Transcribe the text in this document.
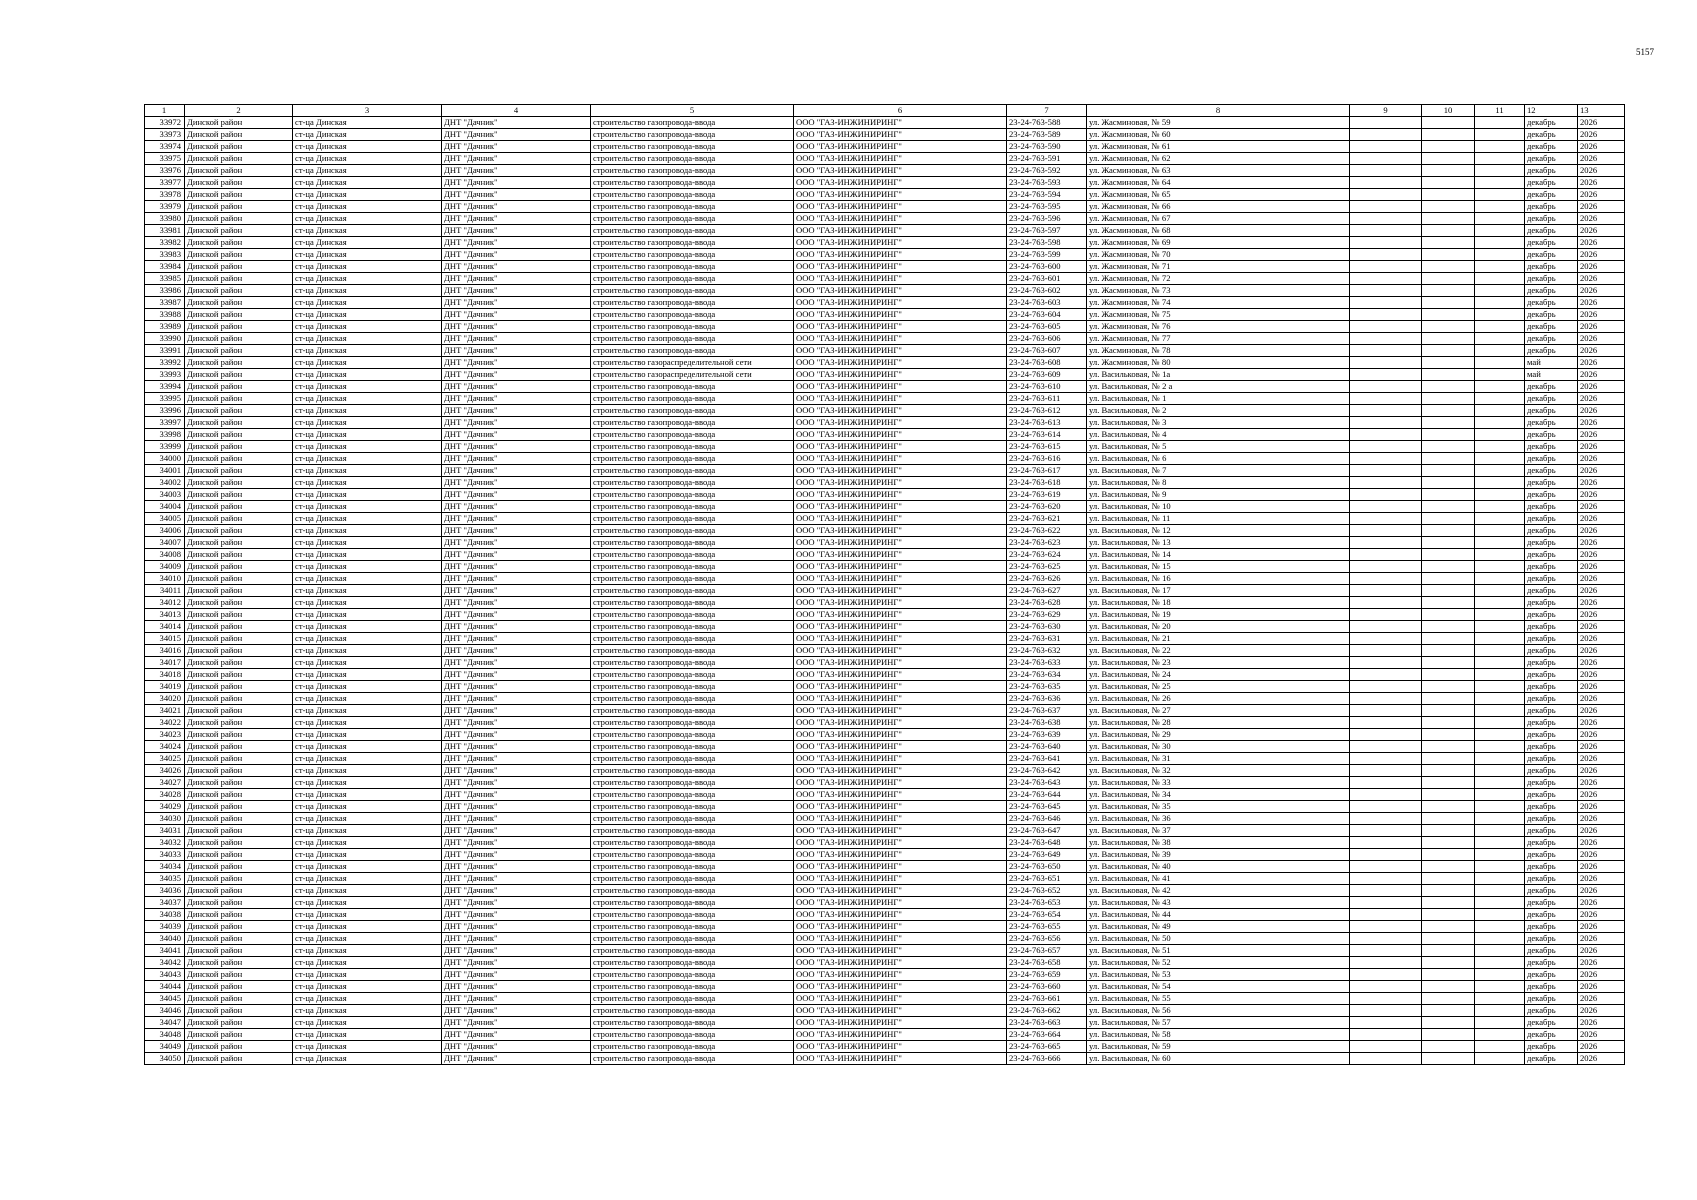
5157
1	2	3	4	5	6	7	8	9	10	11	12	13
33972	Динской район	ст-ца Динская	ДНТ "Дачник"	строительство газопровода-ввода	ООО "ГАЗ-ИНЖИНИРИНГ"	23-24-763-588	ул. Жасминовая, № 59				декабрь	2026
33973	Динской район	ст-ца Динская	ДНТ "Дачник"	строительство газопровода-ввода	ООО "ГАЗ-ИНЖИНИРИНГ"	23-24-763-589	ул. Жасминовая, № 60				декабрь	2026
33974	Динской район	ст-ца Динская	ДНТ "Дачник"	строительство газопровода-ввода	ООО "ГАЗ-ИНЖИНИРИНГ"	23-24-763-590	ул. Жасминовая, № 61				декабрь	2026
33975	Динской район	ст-ца Динская	ДНТ "Дачник"	строительство газопровода-ввода	ООО "ГАЗ-ИНЖИНИРИНГ"	23-24-763-591	ул. Жасминовая, № 62				декабрь	2026
33976	Динской район	ст-ца Динская	ДНТ "Дачник"	строительство газопровода-ввода	ООО "ГАЗ-ИНЖИНИРИНГ"	23-24-763-592	ул. Жасминовая, № 63				декабрь	2026
33977	Динской район	ст-ца Динская	ДНТ "Дачник"	строительство газопровода-ввода	ООО "ГАЗ-ИНЖИНИРИНГ"	23-24-763-593	ул. Жасминовая, № 64				декабрь	2026
33978	Динской район	ст-ца Динская	ДНТ "Дачник"	строительство газопровода-ввода	ООО "ГАЗ-ИНЖИНИРИНГ"	23-24-763-594	ул. Жасминовая, № 65				декабрь	2026
33979	Динской район	ст-ца Динская	ДНТ "Дачник"	строительство газопровода-ввода	ООО "ГАЗ-ИНЖИНИРИНГ"	23-24-763-595	ул. Жасминовая, № 66				декабрь	2026
33980	Динской район	ст-ца Динская	ДНТ "Дачник"	строительство газопровода-ввода	ООО "ГАЗ-ИНЖИНИРИНГ"	23-24-763-596	ул. Жасминовая, № 67				декабрь	2026
33981	Динской район	ст-ца Динская	ДНТ "Дачник"	строительство газопровода-ввода	ООО "ГАЗ-ИНЖИНИРИНГ"	23-24-763-597	ул. Жасминовая, № 68				декабрь	2026
33982	Динской район	ст-ца Динская	ДНТ "Дачник"	строительство газопровода-ввода	ООО "ГАЗ-ИНЖИНИРИНГ"	23-24-763-598	ул. Жасминовая, № 69				декабрь	2026
33983	Динской район	ст-ца Динская	ДНТ "Дачник"	строительство газопровода-ввода	ООО "ГАЗ-ИНЖИНИРИНГ"	23-24-763-599	ул. Жасминовая, № 70				декабрь	2026
33984	Динской район	ст-ца Динская	ДНТ "Дачник"	строительство газопровода-ввода	ООО "ГАЗ-ИНЖИНИРИНГ"	23-24-763-600	ул. Жасминовая, № 71				декабрь	2026
33985	Динской район	ст-ца Динская	ДНТ "Дачник"	строительство газопровода-ввода	ООО "ГАЗ-ИНЖИНИРИНГ"	23-24-763-601	ул. Жасминовая, № 72				декабрь	2026
33986	Динской район	ст-ца Динская	ДНТ "Дачник"	строительство газопровода-ввода	ООО "ГАЗ-ИНЖИНИРИНГ"	23-24-763-602	ул. Жасминовая, № 73				декабрь	2026
33987	Динской район	ст-ца Динская	ДНТ "Дачник"	строительство газопровода-ввода	ООО "ГАЗ-ИНЖИНИРИНГ"	23-24-763-603	ул. Жасминовая, № 74				декабрь	2026
33988	Динской район	ст-ца Динская	ДНТ "Дачник"	строительство газопровода-ввода	ООО "ГАЗ-ИНЖИНИРИНГ"	23-24-763-604	ул. Жасминовая, № 75				декабрь	2026
33989	Динской район	ст-ца Динская	ДНТ "Дачник"	строительство газопровода-ввода	ООО "ГАЗ-ИНЖИНИРИНГ"	23-24-763-605	ул. Жасминовая, № 76				декабрь	2026
33990	Динской район	ст-ца Динская	ДНТ "Дачник"	строительство газопровода-ввода	ООО "ГАЗ-ИНЖИНИРИНГ"	23-24-763-606	ул. Жасминовая, № 77				декабрь	2026
33991	Динской район	ст-ца Динская	ДНТ "Дачник"	строительство газопровода-ввода	ООО "ГАЗ-ИНЖИНИРИНГ"	23-24-763-607	ул. Жасминовая, № 78				декабрь	2026
33992	Динской район	ст-ца Динская	ДНТ "Дачник"	строительство газораспределительной сети	ООО "ГАЗ-ИНЖИНИРИНГ"	23-24-763-608	ул. Жасминовая, № 80				май	2026
33993	Динской район	ст-ца Динская	ДНТ "Дачник"	строительство газораспределительной сети	ООО "ГАЗ-ИНЖИНИРИНГ"	23-24-763-609	ул. Васильковая, № 1а				май	2026
33994	Динской район	ст-ца Динская	ДНТ "Дачник"	строительство газопровода-ввода	ООО "ГАЗ-ИНЖИНИРИНГ"	23-24-763-610	ул. Васильковая, № 2 а				декабрь	2026
33995	Динской район	ст-ца Динская	ДНТ "Дачник"	строительство газопровода-ввода	ООО "ГАЗ-ИНЖИНИРИНГ"	23-24-763-611	ул. Васильковая, № 1				декабрь	2026
33996	Динской район	ст-ца Динская	ДНТ "Дачник"	строительство газопровода-ввода	ООО "ГАЗ-ИНЖИНИРИНГ"	23-24-763-612	ул. Васильковая, № 2				декабрь	2026
33997	Динской район	ст-ца Динская	ДНТ "Дачник"	строительство газопровода-ввода	ООО "ГАЗ-ИНЖИНИРИНГ"	23-24-763-613	ул. Васильковая, № 3				декабрь	2026
33998	Динской район	ст-ца Динская	ДНТ "Дачник"	строительство газопровода-ввода	ООО "ГАЗ-ИНЖИНИРИНГ"	23-24-763-614	ул. Васильковая, № 4				декабрь	2026
33999	Динской район	ст-ца Динская	ДНТ "Дачник"	строительство газопровода-ввода	ООО "ГАЗ-ИНЖИНИРИНГ"	23-24-763-615	ул. Васильковая, № 5				декабрь	2026
34000	Динской район	ст-ца Динская	ДНТ "Дачник"	строительство газопровода-ввода	ООО "ГАЗ-ИНЖИНИРИНГ"	23-24-763-616	ул. Васильковая, № 6				декабрь	2026
34001	Динской район	ст-ца Динская	ДНТ "Дачник"	строительство газопровода-ввода	ООО "ГАЗ-ИНЖИНИРИНГ"	23-24-763-617	ул. Васильковая, № 7				декабрь	2026
34002	Динской район	ст-ца Динская	ДНТ "Дачник"	строительство газопровода-ввода	ООО "ГАЗ-ИНЖИНИРИНГ"	23-24-763-618	ул. Васильковая, № 8				декабрь	2026
34003	Динской район	ст-ца Динская	ДНТ "Дачник"	строительство газопровода-ввода	ООО "ГАЗ-ИНЖИНИРИНГ"	23-24-763-619	ул. Васильковая, № 9				декабрь	2026
34004	Динской район	ст-ца Динская	ДНТ "Дачник"	строительство газопровода-ввода	ООО "ГАЗ-ИНЖИНИРИНГ"	23-24-763-620	ул. Васильковая, № 10				декабрь	2026
34005	Динской район	ст-ца Динская	ДНТ "Дачник"	строительство газопровода-ввода	ООО "ГАЗ-ИНЖИНИРИНГ"	23-24-763-621	ул. Васильковая, № 11				декабрь	2026
34006	Динской район	ст-ца Динская	ДНТ "Дачник"	строительство газопровода-ввода	ООО "ГАЗ-ИНЖИНИРИНГ"	23-24-763-622	ул. Васильковая, № 12				декабрь	2026
34007	Динской район	ст-ца Динская	ДНТ "Дачник"	строительство газопровода-ввода	ООО "ГАЗ-ИНЖИНИРИНГ"	23-24-763-623	ул. Васильковая, № 13				декабрь	2026
34008	Динской район	ст-ца Динская	ДНТ "Дачник"	строительство газопровода-ввода	ООО "ГАЗ-ИНЖИНИРИНГ"	23-24-763-624	ул. Васильковая, № 14				декабрь	2026
34009	Динской район	ст-ца Динская	ДНТ "Дачник"	строительство газопровода-ввода	ООО "ГАЗ-ИНЖИНИРИНГ"	23-24-763-625	ул. Васильковая, № 15				декабрь	2026
34010	Динской район	ст-ца Динская	ДНТ "Дачник"	строительство газопровода-ввода	ООО "ГАЗ-ИНЖИНИРИНГ"	23-24-763-626	ул. Васильковая, № 16				декабрь	2026
34011	Динской район	ст-ца Динская	ДНТ "Дачник"	строительство газопровода-ввода	ООО "ГАЗ-ИНЖИНИРИНГ"	23-24-763-627	ул. Васильковая, № 17				декабрь	2026
34012	Динской район	ст-ца Динская	ДНТ "Дачник"	строительство газопровода-ввода	ООО "ГАЗ-ИНЖИНИРИНГ"	23-24-763-628	ул. Васильковая, № 18				декабрь	2026
34013	Динской район	ст-ца Динская	ДНТ "Дачник"	строительство газопровода-ввода	ООО "ГАЗ-ИНЖИНИРИНГ"	23-24-763-629	ул. Васильковая, № 19				декабрь	2026
34014	Динской район	ст-ца Динская	ДНТ "Дачник"	строительство газопровода-ввода	ООО "ГАЗ-ИНЖИНИРИНГ"	23-24-763-630	ул. Васильковая, № 20				декабрь	2026
34015	Динской район	ст-ца Динская	ДНТ "Дачник"	строительство газопровода-ввода	ООО "ГАЗ-ИНЖИНИРИНГ"	23-24-763-631	ул. Васильковая, № 21				декабрь	2026
34016	Динской район	ст-ца Динская	ДНТ "Дачник"	строительство газопровода-ввода	ООО "ГАЗ-ИНЖИНИРИНГ"	23-24-763-632	ул. Васильковая, № 22				декабрь	2026
34017	Динской район	ст-ца Динская	ДНТ "Дачник"	строительство газопровода-ввода	ООО "ГАЗ-ИНЖИНИРИНГ"	23-24-763-633	ул. Васильковая, № 23				декабрь	2026
34018	Динской район	ст-ца Динская	ДНТ "Дачник"	строительство газопровода-ввода	ООО "ГАЗ-ИНЖИНИРИНГ"	23-24-763-634	ул. Васильковая, № 24				декабрь	2026
34019	Динской район	ст-ца Динская	ДНТ "Дачник"	строительство газопровода-ввода	ООО "ГАЗ-ИНЖИНИРИНГ"	23-24-763-635	ул. Васильковая, № 25				декабрь	2026
34020	Динской район	ст-ца Динская	ДНТ "Дачник"	строительство газопровода-ввода	ООО "ГАЗ-ИНЖИНИРИНГ"	23-24-763-636	ул. Васильковая, № 26				декабрь	2026
34021	Динской район	ст-ца Динская	ДНТ "Дачник"	строительство газопровода-ввода	ООО "ГАЗ-ИНЖИНИРИНГ"	23-24-763-637	ул. Васильковая, № 27				декабрь	2026
34022	Динской район	ст-ца Динская	ДНТ "Дачник"	строительство газопровода-ввода	ООО "ГАЗ-ИНЖИНИРИНГ"	23-24-763-638	ул. Васильковая, № 28				декабрь	2026
34023	Динской район	ст-ца Динская	ДНТ "Дачник"	строительство газопровода-ввода	ООО "ГАЗ-ИНЖИНИРИНГ"	23-24-763-639	ул. Васильковая, № 29				декабрь	2026
34024	Динской район	ст-ца Динская	ДНТ "Дачник"	строительство газопровода-ввода	ООО "ГАЗ-ИНЖИНИРИНГ"	23-24-763-640	ул. Васильковая, № 30				декабрь	2026
34025	Динской район	ст-ца Динская	ДНТ "Дачник"	строительство газопровода-ввода	ООО "ГАЗ-ИНЖИНИРИНГ"	23-24-763-641	ул. Васильковая, № 31				декабрь	2026
34026	Динской район	ст-ца Динская	ДНТ "Дачник"	строительство газопровода-ввода	ООО "ГАЗ-ИНЖИНИРИНГ"	23-24-763-642	ул. Васильковая, № 32				декабрь	2026
34027	Динской район	ст-ца Динская	ДНТ "Дачник"	строительство газопровода-ввода	ООО "ГАЗ-ИНЖИНИРИНГ"	23-24-763-643	ул. Васильковая, № 33				декабрь	2026
34028	Динской район	ст-ца Динская	ДНТ "Дачник"	строительство газопровода-ввода	ООО "ГАЗ-ИНЖИНИРИНГ"	23-24-763-644	ул. Васильковая, № 34				декабрь	2026
34029	Динской район	ст-ца Динская	ДНТ "Дачник"	строительство газопровода-ввода	ООО "ГАЗ-ИНЖИНИРИНГ"	23-24-763-645	ул. Васильковая, № 35				декабрь	2026
34030	Динской район	ст-ца Динская	ДНТ "Дачник"	строительство газопровода-ввода	ООО "ГАЗ-ИНЖИНИРИНГ"	23-24-763-646	ул. Васильковая, № 36				декабрь	2026
34031	Динской район	ст-ца Динская	ДНТ "Дачник"	строительство газопровода-ввода	ООО "ГАЗ-ИНЖИНИРИНГ"	23-24-763-647	ул. Васильковая, № 37				декабрь	2026
34032	Динской район	ст-ца Динская	ДНТ "Дачник"	строительство газопровода-ввода	ООО "ГАЗ-ИНЖИНИРИНГ"	23-24-763-648	ул. Васильковая, № 38				декабрь	2026
34033	Динской район	ст-ца Динская	ДНТ "Дачник"	строительство газопровода-ввода	ООО "ГАЗ-ИНЖИНИРИНГ"	23-24-763-649	ул. Васильковая, № 39				декабрь	2026
34034	Динской район	ст-ца Динская	ДНТ "Дачник"	строительство газопровода-ввода	ООО "ГАЗ-ИНЖИНИРИНГ"	23-24-763-650	ул. Васильковая, № 40				декабрь	2026
34035	Динской район	ст-ца Динская	ДНТ "Дачник"	строительство газопровода-ввода	ООО "ГАЗ-ИНЖИНИРИНГ"	23-24-763-651	ул. Васильковая, № 41				декабрь	2026
34036	Динской район	ст-ца Динская	ДНТ "Дачник"	строительство газопровода-ввода	ООО "ГАЗ-ИНЖИНИРИНГ"	23-24-763-652	ул. Васильковая, № 42				декабрь	2026
34037	Динской район	ст-ца Динская	ДНТ "Дачник"	строительство газопровода-ввода	ООО "ГАЗ-ИНЖИНИРИНГ"	23-24-763-653	ул. Васильковая, № 43				декабрь	2026
34038	Динской район	ст-ца Динская	ДНТ "Дачник"	строительство газопровода-ввода	ООО "ГАЗ-ИНЖИНИРИНГ"	23-24-763-654	ул. Васильковая, № 44				декабрь	2026
34039	Динской район	ст-ца Динская	ДНТ "Дачник"	строительство газопровода-ввода	ООО "ГАЗ-ИНЖИНИРИНГ"	23-24-763-655	ул. Васильковая, № 49				декабрь	2026
34040	Динской район	ст-ца Динская	ДНТ "Дачник"	строительство газопровода-ввода	ООО "ГАЗ-ИНЖИНИРИНГ"	23-24-763-656	ул. Васильковая, № 50				декабрь	2026
34041	Динской район	ст-ца Динская	ДНТ "Дачник"	строительство газопровода-ввода	ООО "ГАЗ-ИНЖИНИРИНГ"	23-24-763-657	ул. Васильковая, № 51				декабрь	2026
34042	Динской район	ст-ца Динская	ДНТ "Дачник"	строительство газопровода-ввода	ООО "ГАЗ-ИНЖИНИРИНГ"	23-24-763-658	ул. Васильковая, № 52				декабрь	2026
34043	Динской район	ст-ца Динская	ДНТ "Дачник"	строительство газопровода-ввода	ООО "ГАЗ-ИНЖИНИРИНГ"	23-24-763-659	ул. Васильковая, № 53				декабрь	2026
34044	Динской район	ст-ца Динская	ДНТ "Дачник"	строительство газопровода-ввода	ООО "ГАЗ-ИНЖИНИРИНГ"	23-24-763-660	ул. Васильковая, № 54				декабрь	2026
34045	Динской район	ст-ца Динская	ДНТ "Дачник"	строительство газопровода-ввода	ООО "ГАЗ-ИНЖИНИРИНГ"	23-24-763-661	ул. Васильковая, № 55				декабрь	2026
34046	Динской район	ст-ца Динская	ДНТ "Дачник"	строительство газопровода-ввода	ООО "ГАЗ-ИНЖИНИРИНГ"	23-24-763-662	ул. Васильковая, № 56				декабрь	2026
34047	Динской район	ст-ца Динская	ДНТ "Дачник"	строительство газопровода-ввода	ООО "ГАЗ-ИНЖИНИРИНГ"	23-24-763-663	ул. Васильковая, № 57				декабрь	2026
34048	Динской район	ст-ца Динская	ДНТ "Дачник"	строительство газопровода-ввода	ООО "ГАЗ-ИНЖИНИРИНГ"	23-24-763-664	ул. Васильковая, № 58				декабрь	2026
34049	Динской район	ст-ца Динская	ДНТ "Дачник"	строительство газопровода-ввода	ООО "ГАЗ-ИНЖИНИРИНГ"	23-24-763-665	ул. Васильковая, № 59				декабрь	2026
34050	Динской район	ст-ца Динская	ДНТ "Дачник"	строительство газопровода-ввода	ООО "ГАЗ-ИНЖИНИРИНГ"	23-24-763-666	ул. Васильковая, № 60				декабрь	2026
